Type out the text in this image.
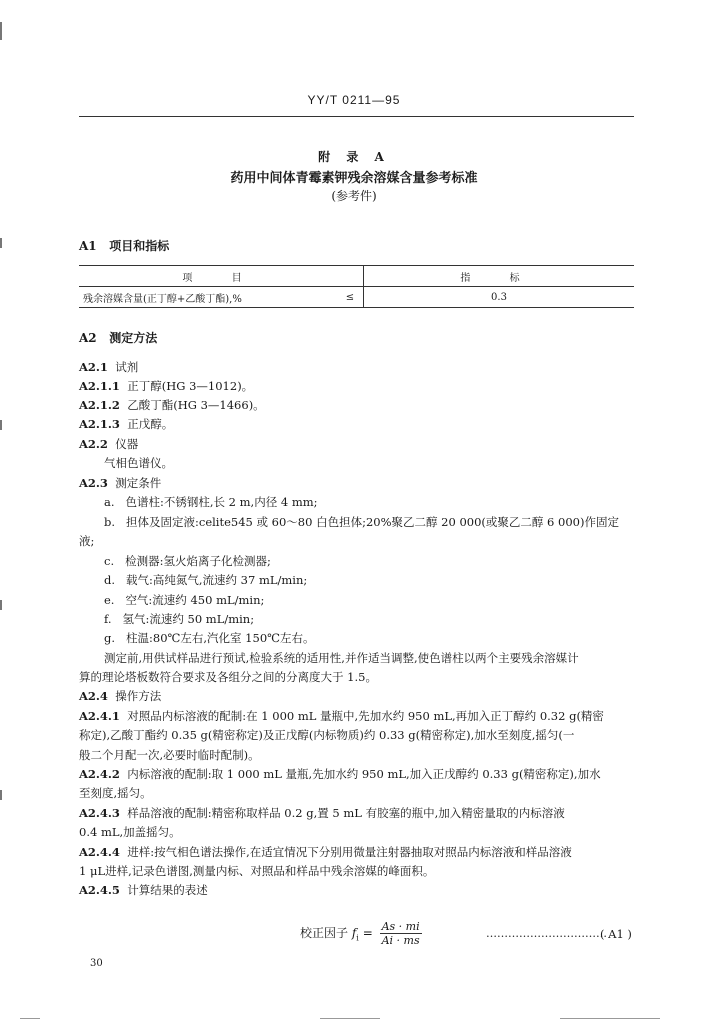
YY/T 0211—95
附 录 A
药用中间体青霉素钾残余溶媒含量参考标准
(参考件)
A1 项目和指标
项 目		指 标
残余溶媒含量(正丁醇+乙酸丁酯),%	≤	0.3
A2 测定方法
A2.1 试剂
A2.1.1 正丁醇(HG 3—1012)。
A2.1.2 乙酸丁酯(HG 3—1466)。
A2.1.3 正戊醇。
A2.2 仪器
气相色谱仪。
A2.3 测定条件
a. 色谱柱:不锈钢柱,长 2 m,内径 4 mm;
b. 担体及固定液:celite545 或 60～80 白色担体;20%聚乙二醇 20 000(或聚乙二醇 6 000)作固定
液;
c. 检测器:氢火焰离子化检测器;
d. 载气:高纯氮气,流速约 37 mL/min;
e. 空气:流速约 450 mL/min;
f. 氢气:流速约 50 mL/min;
g. 柱温:80℃左右,汽化室 150℃左右。
测定前,用供试样品进行预试,检验系统的适用性,并作适当调整,使色谱柱以两个主要残余溶媒计
算的理论塔板数符合要求及各组分之间的分离度大于 1.5。
A2.4 操作方法
A2.4.1 对照品内标溶液的配制:在 1 000 mL 量瓶中,先加水约 950 mL,再加入正丁醇约 0.32 g(精密
称定),乙酸丁酯约 0.35 g(精密称定)及正戊醇(内标物质)约 0.33 g(精密称定),加水至刻度,摇匀(一
般二个月配一次,必要时临时配制)。
A2.4.2 内标溶液的配制:取 1 000 mL 量瓶,先加水约 950 mL,加入正戊醇约 0.33 g(精密称定),加水
至刻度,摇匀。
A2.4.3 样品溶液的配制:精密称取样品 0.2 g,置 5 mL 有胶塞的瓶中,加入精密量取的内标溶液
0.4 mL,加盖摇匀。
A2.4.4 进样:按气相色谱法操作,在适宜情况下分别用微量注射器抽取对照品内标溶液和样品溶液
1 μL进样,记录色谱图,测量内标、对照品和样品中残余溶媒的峰面积。
A2.4.5 计算结果的表述
校正因子 $f_i = \frac{As \cdot mi}{Ai \cdot ms}$	……………………………
( A1 )
30
